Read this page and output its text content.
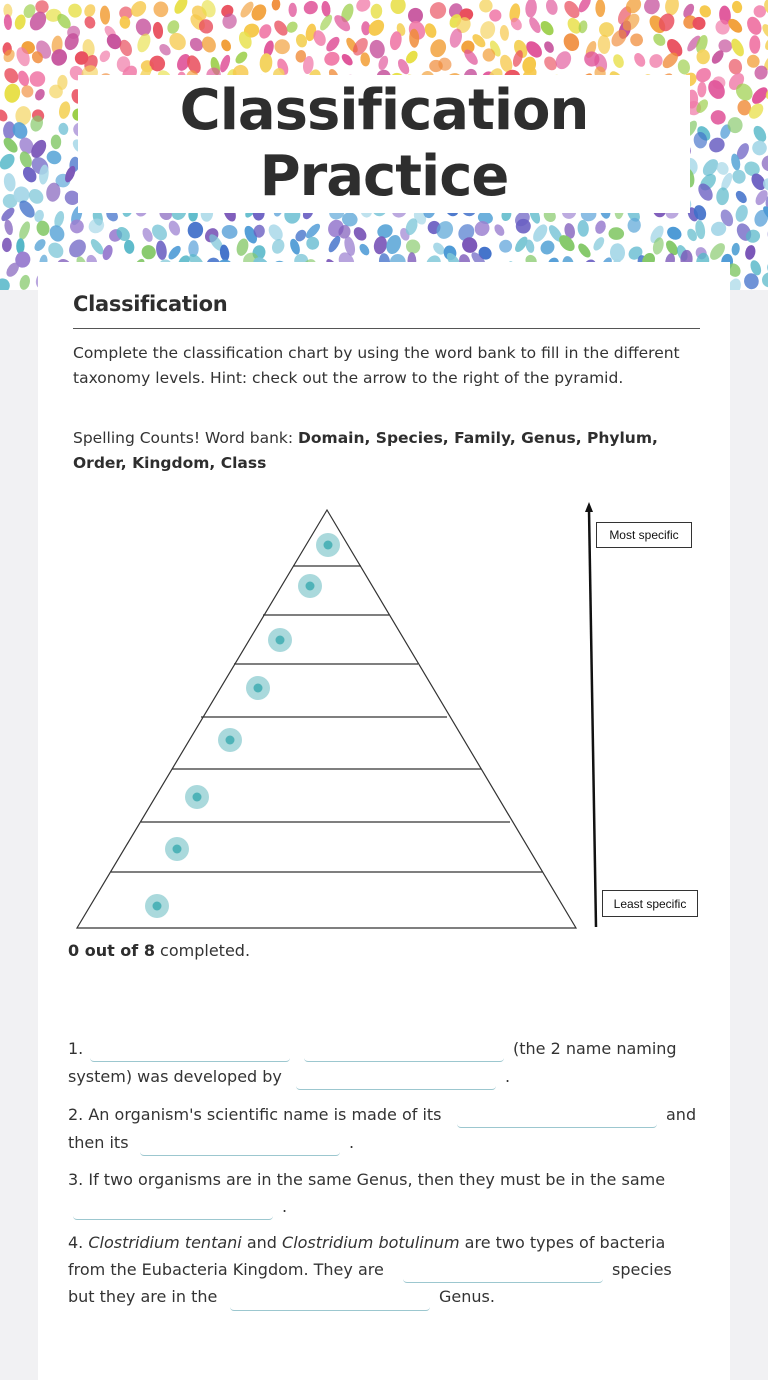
Classification
Practice
Classification
Complete the classification chart by using the word bank to fill in the different taxonomy levels. Hint: check out the arrow to the right of the pyramid.
Spelling Counts! Word bank: Domain, Species, Family, Genus, Phylum, Order, Kingdom, Class
Most specific
Least specific
0 out of 8 completed.
1.	(the 2 name naming
system) was developed by	.
2. An organism's scientific name is made of its	and
then its	.
3. If two organisms are in the same Genus, then they must be in the same
.
4. Clostridium tentani and Clostridium botulinum are two types of bacteria
from the Eubacteria Kingdom. They are	species
but they are in the	Genus.
